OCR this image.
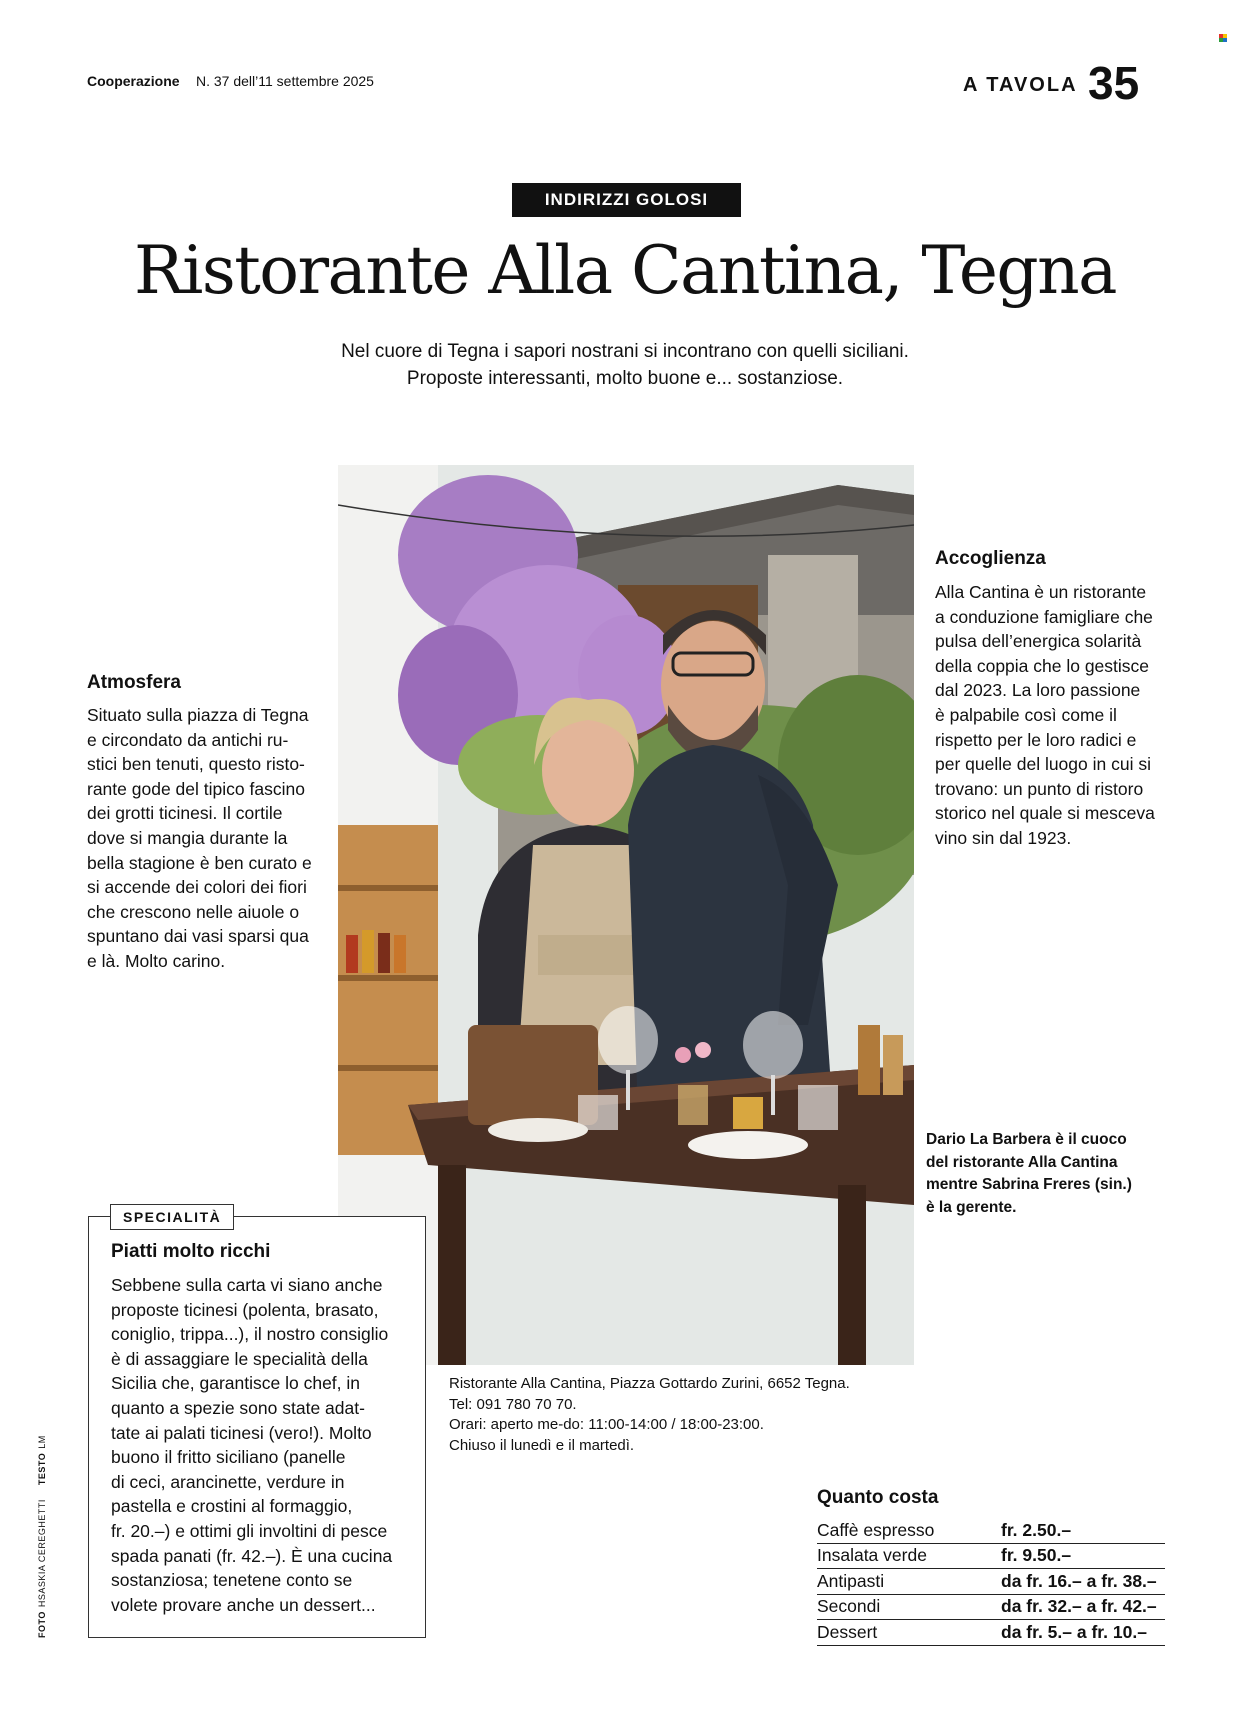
Cooperazione N. 37 dell’11 settembre 2025	A TAVOLA 35
INDIRIZZI GOLOSI
Ristorante Alla Cantina, Tegna
Nel cuore di Tegna i sapori nostrani si incontrano con quelli siciliani.
Proposte interessanti, molto buone e... sostanziose.
Atmosfera
Situato sulla piazza di Tegna
e circondato da antichi ru-
stici ben tenuti, questo risto-
rante gode del tipico fascino
dei grotti ticinesi. Il cortile
dove si mangia durante la
bella stagione è ben curato e
si accende dei colori dei fiori
che crescono nelle aiuole o
spuntano dai vasi sparsi qua
e là. Molto carino.
Accoglienza
Alla Cantina è un ristorante
a conduzione famigliare che
pulsa dell’energica solarità
della coppia che lo gestisce
dal 2023. La loro passione
è palpabile così come il
rispetto per le loro radici e
per quelle del luogo in cui si
trovano: un punto di ristoro
storico nel quale si mesceva
vino sin dal 1923.
Dario La Barbera è il cuoco
del ristorante Alla Cantina
mentre Sabrina Freres (sin.)
è la gerente.
Ristorante Alla Cantina, Piazza Gottardo Zurini, 6652 Tegna.
Tel: 091 780 70 70.
Orari: aperto me-do: 11:00-14:00 / 18:00-23:00.
Chiuso il lunedì e il martedì.
SPECIALITÀ
Piatti molto ricchi
Sebbene sulla carta vi siano anche
proposte ticinesi (polenta, brasato,
coniglio, trippa...), il nostro consiglio
è di assaggiare le specialità della
Sicilia che, garantisce lo chef, in
quanto a spezie sono state adat-
tate ai palati ticinesi (vero!). Molto
buono il fritto siciliano (panelle
di ceci, arancinette, verdure in
pastella e crostini al formaggio,
fr. 20.–) e ottimi gli involtini di pesce
spada panati (fr. 42.–). È una cucina
sostanziosa; tenetene conto se
volete provare anche un dessert...
Quanto costa
Caffè espresso	fr. 2.50.–
Insalata verde	fr. 9.50.–
Antipasti	da fr. 16.– a fr. 38.–
Secondi	da fr. 32.– a fr. 42.–
Dessert	da fr. 5.– a fr. 10.–
FOTOHSASKIA CEREGHETTITESTOLM
